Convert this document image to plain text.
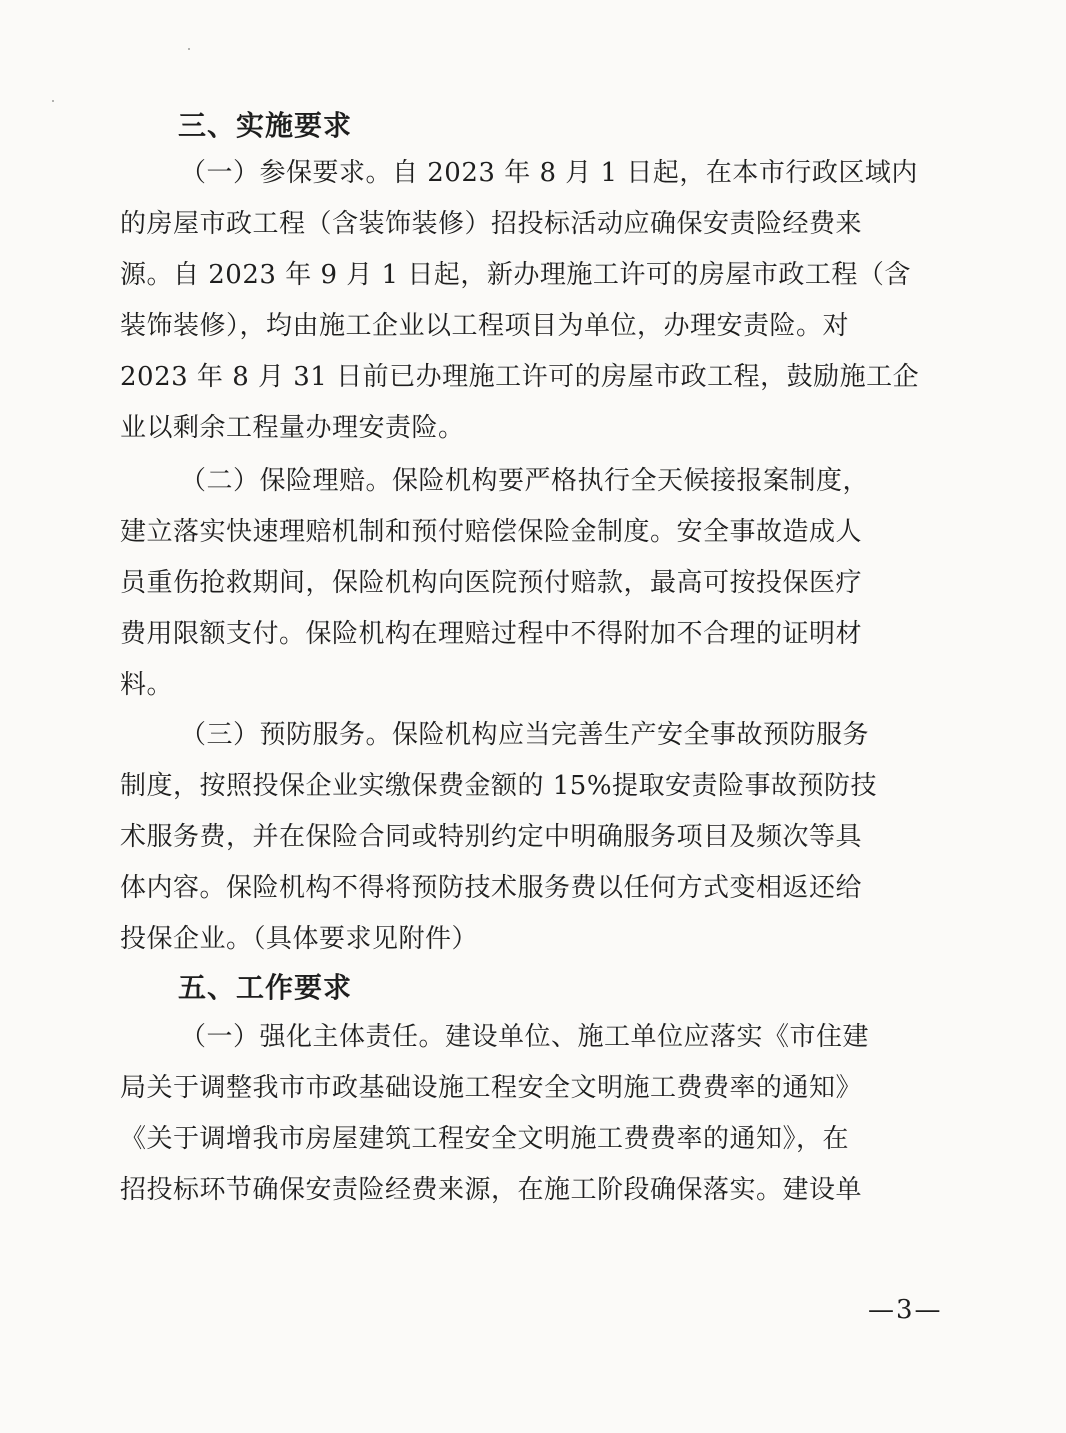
三、实施要求
（一）参保要求。自 2023 年 8 月 1 日起，在本市行政区域内
的房屋市政工程（含装饰装修）招投标活动应确保安责险经费来
源。自 2023 年 9 月 1 日起，新办理施工许可的房屋市政工程（含
装饰装修），均由施工企业以工程项目为单位，办理安责险。对
2023 年 8 月 31 日前已办理施工许可的房屋市政工程，鼓励施工企
业以剩余工程量办理安责险。
（二）保险理赔。保险机构要严格执行全天候接报案制度，
建立落实快速理赔机制和预付赔偿保险金制度。安全事故造成人
员重伤抢救期间，保险机构向医院预付赔款，最高可按投保医疗
费用限额支付。保险机构在理赔过程中不得附加不合理的证明材
料。
（三）预防服务。保险机构应当完善生产安全事故预防服务
制度，按照投保企业实缴保费金额的 15%提取安责险事故预防技
术服务费，并在保险合同或特别约定中明确服务项目及频次等具
体内容。保险机构不得将预防技术服务费以任何方式变相返还给
投保企业。（具体要求见附件）
五、工作要求
（一）强化主体责任。建设单位、施工单位应落实《市住建
局关于调整我市市政基础设施工程安全文明施工费费率的通知》
《关于调增我市房屋建筑工程安全文明施工费费率的通知》，在
招投标环节确保安责险经费来源，在施工阶段确保落实。建设单
—3—
